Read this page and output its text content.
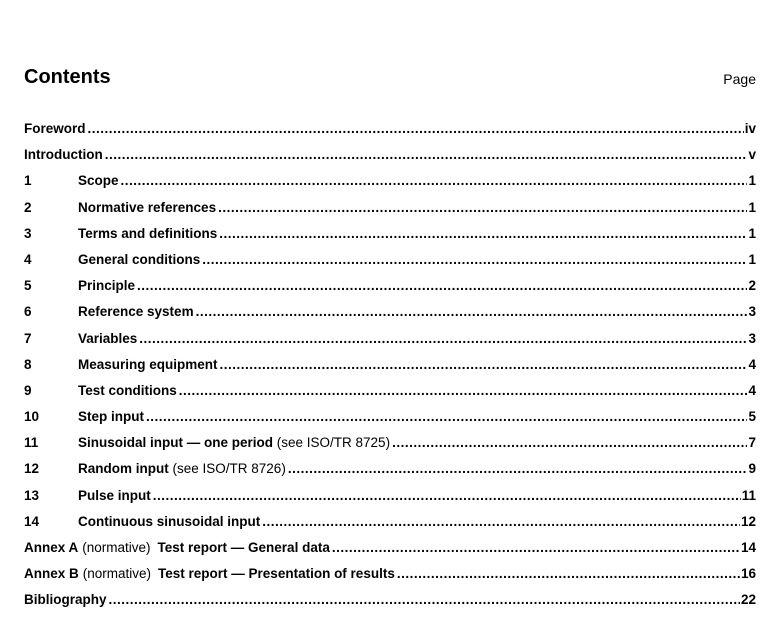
Contents	Page
Foreword .....	iv
Introduction .....	v
1	Scope .....	1
2	Normative references .....	1
3	Terms and definitions .....	1
4	General conditions .....	1
5	Principle .....	2
6	Reference system .....	3
7	Variables .....	3
8	Measuring equipment .....	4
9	Test conditions .....	4
10	Step input .....	5
11	Sinusoidal input — one period (see ISO/TR 8725) .....	7
12	Random input (see ISO/TR 8726) .....	9
13	Pulse input .....	11
14	Continuous sinusoidal input .....	12
Annex A (normative) Test report — General data .....	14
Annex B (normative) Test report — Presentation of results .....	16
Bibliography .....	22
